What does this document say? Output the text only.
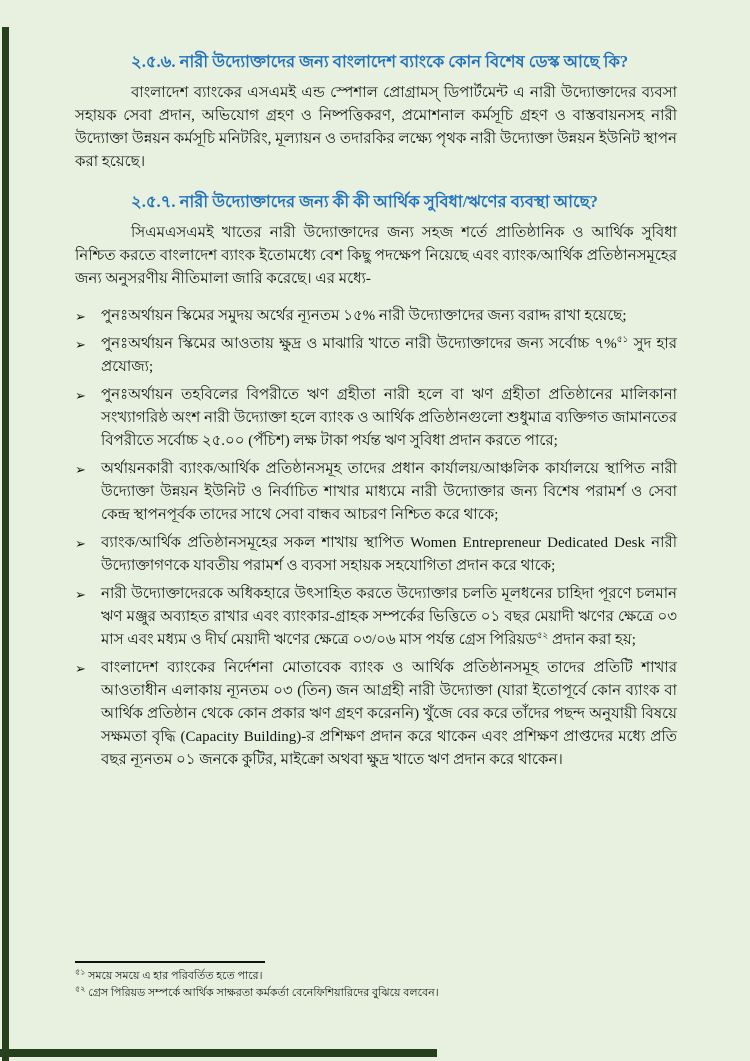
২.৫.৬. নারী উদ্যোক্তাদের জন্য বাংলাদেশ ব্যাংকে কোন বিশেষ ডেস্ক আছে কি?

বাংলাদেশ ব্যাংকের এসএমই এন্ড স্পেশাল প্রোগ্রামস্ ডিপার্টমেন্ট এ নারী উদ্যোক্তাদের ব্যবসা সহায়ক সেবা প্রদান, অভিযোগ গ্রহণ ও নিষ্পত্তিকরণ, প্রমোশনাল কর্মসূচি গ্রহণ ও বাস্তবায়নসহ নারী উদ্যোক্তা উন্নয়ন কর্মসূচি মনিটরিং, মূল্যায়ন ও তদারকির লক্ষ্যে পৃথক নারী উদ্যোক্তা উন্নয়ন ইউনিট স্থাপন করা হয়েছে।

২.৫.৭. নারী উদ্যোক্তাদের জন্য কী কী আর্থিক সুবিধা/ঋণের ব্যবস্থা আছে?

সিএমএসএমই খাতের নারী উদ্যোক্তাদের জন্য সহজ শর্তে প্রাতিষ্ঠানিক ও আর্থিক সুবিধা নিশ্চিত করতে বাংলাদেশ ব্যাংক ইতোমধ্যে বেশ কিছু পদক্ষেপ নিয়েছে এবং ব্যাংক/আর্থিক প্রতিষ্ঠানসমূহের জন্য অনুসরণীয় নীতিমালা জারি করেছে। এর মধ্যে-

➢ পুনঃঅর্থায়ন স্কিমের সমুদয় অর্থের ন্যূনতম ১৫% নারী উদ্যোক্তাদের জন্য বরাদ্দ রাখা হয়েছে;
➢ পুনঃঅর্থায়ন স্কিমের আওতায় ক্ষুদ্র ও মাঝারি খাতে নারী উদ্যোক্তাদের জন্য সর্বোচ্চ ৭%$^{৫১}$ সুদ হার প্রযোজ্য;
➢ পুনঃঅর্থায়ন তহবিলের বিপরীতে ঋণ গ্রহীতা নারী হলে বা ঋণ গ্রহীতা প্রতিষ্ঠানের মালিকানা সংখ্যাগরিষ্ঠ অংশ নারী উদ্যোক্তা হলে ব্যাংক ও আর্থিক প্রতিষ্ঠানগুলো শুধুমাত্র ব্যক্তিগত জামানতের বিপরীতে সর্বোচ্চ ২৫.০০ (পঁচিশ) লক্ষ টাকা পর্যন্ত ঋণ সুবিধা প্রদান করতে পারে;
➢ অর্থায়নকারী ব্যাংক/আর্থিক প্রতিষ্ঠানসমূহ তাদের প্রধান কার্যালয়/আঞ্চলিক কার্যালয়ে স্থাপিত নারী উদ্যোক্তা উন্নয়ন ইউনিট ও নির্বাচিত শাখার মাধ্যমে নারী উদ্যোক্তার জন্য বিশেষ পরামর্শ ও সেবা কেন্দ্র স্থাপনপূর্বক তাদের সাথে সেবা বান্ধব আচরণ নিশ্চিত করে থাকে;
➢ ব্যাংক/আর্থিক প্রতিষ্ঠানসমূহের সকল শাখায় স্থাপিত Women Entrepreneur Dedicated Desk নারী উদ্যোক্তাগণকে যাবতীয় পরামর্শ ও ব্যবসা সহায়ক সহযোগিতা প্রদান করে থাকে;
➢ নারী উদ্যোক্তাদেরকে অধিকহারে উৎসাহিত করতে উদ্যোক্তার চলতি মূলধনের চাহিদা পূরণে চলমান ঋণ মঞ্জুর অব্যাহত রাখার এবং ব্যাংকার-গ্রাহক সম্পর্কের ভিত্তিতে ০১ বছর মেয়াদী ঋণের ক্ষেত্রে ০৩ মাস এবং মধ্যম ও দীর্ঘ মেয়াদী ঋণের ক্ষেত্রে ০৩/০৬ মাস পর্যন্ত গ্রেস পিরিয়ড$^{৫২}$ প্রদান করা হয়;
➢ বাংলাদেশ ব্যাংকের নির্দেশনা মোতাবেক ব্যাংক ও আর্থিক প্রতিষ্ঠানসমূহ তাদের প্রতিটি শাখার আওতাধীন এলাকায় ন্যূনতম ০৩ (তিন) জন আগ্রহী নারী উদ্যোক্তা (যারা ইতোপূর্বে কোন ব্যাংক বা আর্থিক প্রতিষ্ঠান থেকে কোন প্রকার ঋণ গ্রহণ করেননি) খুঁজে বের করে তাঁদের পছন্দ অনুযায়ী বিষয়ে সক্ষমতা বৃদ্ধি (Capacity Building)-র প্রশিক্ষণ প্রদান করে থাকেন এবং প্রশিক্ষণ প্রাপ্তদের মধ্যে প্রতি বছর ন্যূনতম ০১ জনকে কুটির, মাইক্রো অথবা ক্ষুদ্র খাতে ঋণ প্রদান করে থাকেন।
$^{৫১}$ সময়ে সময়ে এ হার পরিবর্তিত হতে পারে।
$^{৫২}$ গ্রেস পিরিয়ড সম্পর্কে আর্থিক সাক্ষরতা কর্মকর্তা বেনেফিশিয়ারিদের বুঝিয়ে বলবেন।
